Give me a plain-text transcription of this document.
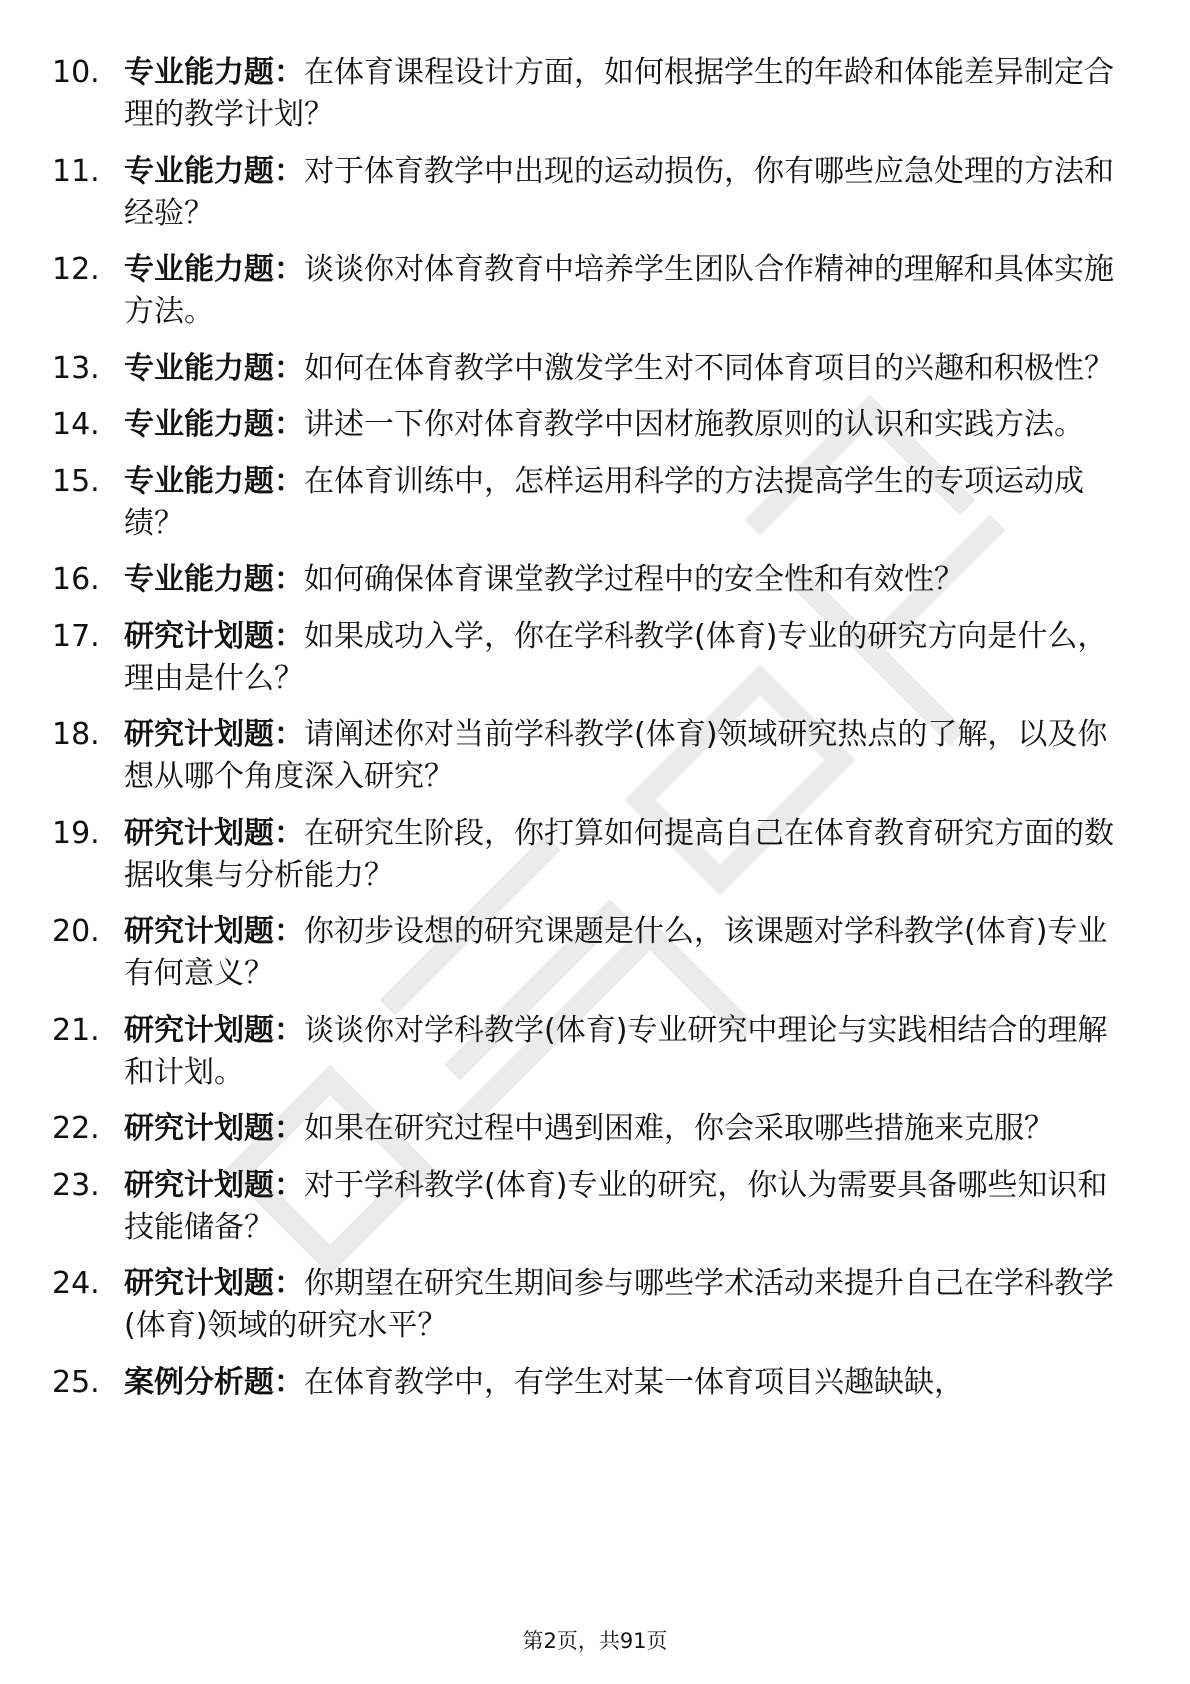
10. 专业能力题：在体育课程设计方面，如何根据学生的年龄和体能差异制定合理的教学计划？
11. 专业能力题：对于体育教学中出现的运动损伤，你有哪些应急处理的方法和经验？
12. 专业能力题：谈谈你对体育教育中培养学生团队合作精神的理解和具体实施方法。
13. 专业能力题：如何在体育教学中激发学生对不同体育项目的兴趣和积极性？
14. 专业能力题：讲述一下你对体育教学中因材施教原则的认识和实践方法。
15. 专业能力题：在体育训练中，怎样运用科学的方法提高学生的专项运动成绩？
16. 专业能力题：如何确保体育课堂教学过程中的安全性和有效性？
17. 研究计划题：如果成功入学，你在学科教学(体育)专业的研究方向是什么，理由是什么？
18. 研究计划题：请阐述你对当前学科教学(体育)领域研究热点的了解，以及你想从哪个角度深入研究？
19. 研究计划题：在研究生阶段，你打算如何提高自己在体育教育研究方面的数据收集与分析能力？
20. 研究计划题：你初步设想的研究课题是什么，该课题对学科教学(体育)专业有何意义？
21. 研究计划题：谈谈你对学科教学(体育)专业研究中理论与实践相结合的理解和计划。
22. 研究计划题：如果在研究过程中遇到困难，你会采取哪些措施来克服？
23. 研究计划题：对于学科教学(体育)专业的研究，你认为需要具备哪些知识和技能储备？
24. 研究计划题：你期望在研究生期间参与哪些学术活动来提升自己在学科教学(体育)领域的研究水平？
25. 案例分析题：在体育教学中，有学生对某一体育项目兴趣缺缺，
第2页，共91页
